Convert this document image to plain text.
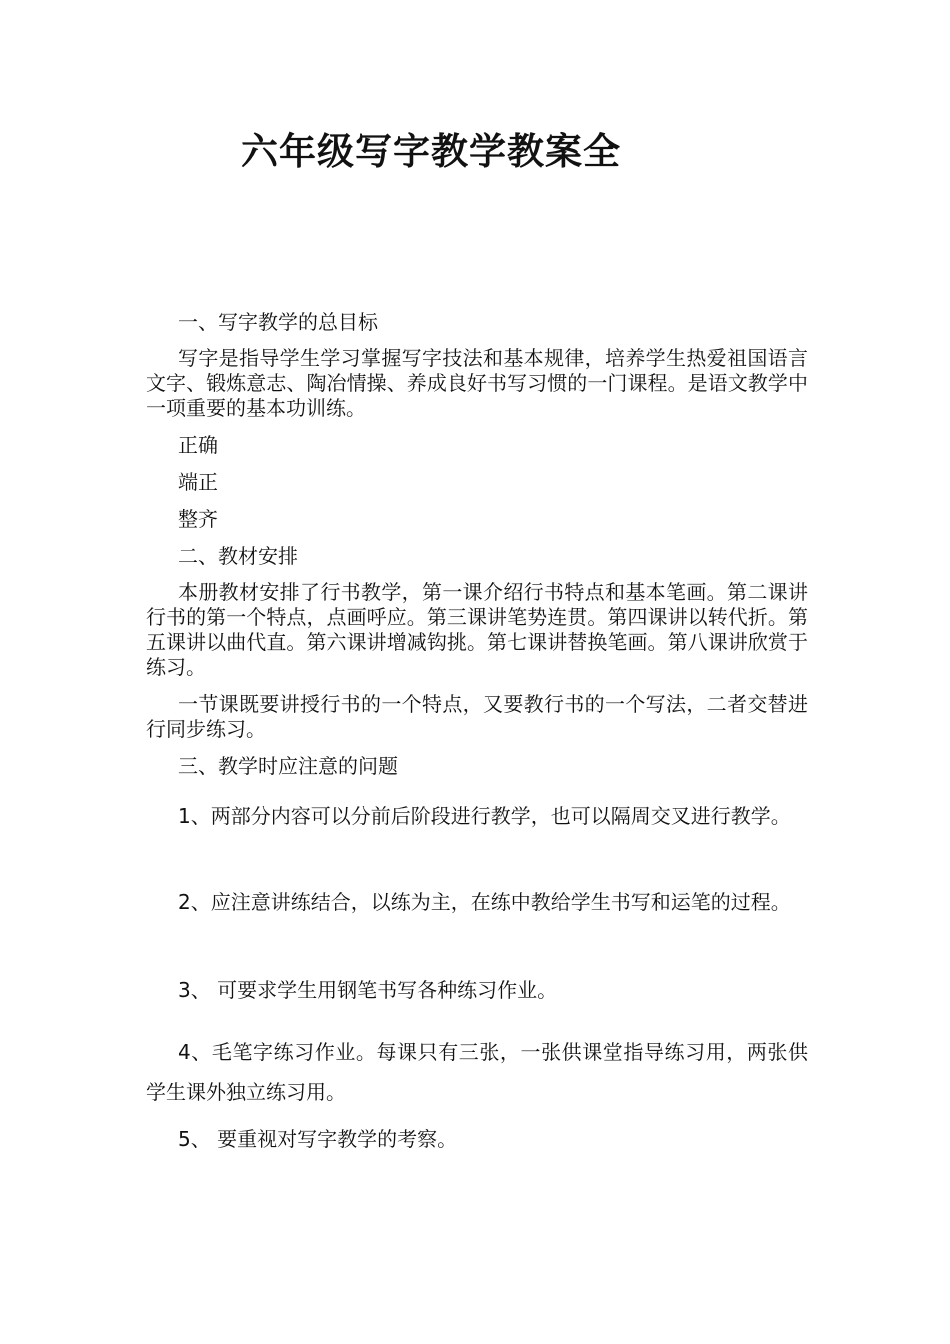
六年级写字教学教案全

一、写字教学的总目标

写字是指导学生学习掌握写字技法和基本规律，培养学生热爱祖国语言文字、锻炼意志、陶冶情操、养成良好书写习惯的一门课程。是语文教学中一项重要的基本功训练。

正确

端正

整齐

二、教材安排

本册教材安排了行书教学，第一课介绍行书特点和基本笔画。第二课讲行书的第一个特点，点画呼应。第三课讲笔势连贯。第四课讲以转代折。第五课讲以曲代直。第六课讲增减钩挑。第七课讲替换笔画。第八课讲欣赏于练习。

一节课既要讲授行书的一个特点，又要教行书的一个写法，二者交替进行同步练习。

三、教学时应注意的问题

1、两部分内容可以分前后阶段进行教学，也可以隔周交叉进行教学。

2、应注意讲练结合，以练为主，在练中教给学生书写和运笔的过程。

3、 可要求学生用钢笔书写各种练习作业。

4、毛笔字练习作业。每课只有三张，一张供课堂指导练习用，两张供学生课外独立练习用。

5、 要重视对写字教学的考察。
